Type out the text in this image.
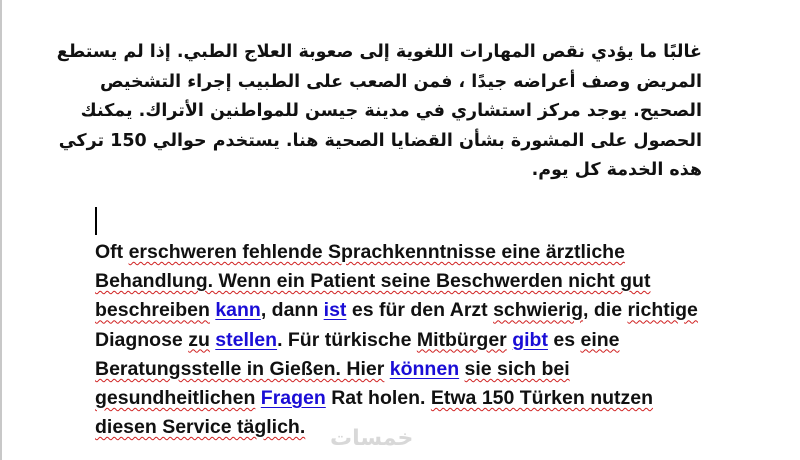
غالبًا ما يؤدي نقص المهارات اللغوية إلى صعوبة العلاج الطبي. إذا لم يستطع
المريض وصف أعراضه جيدًا ، فمن الصعب على الطبيب إجراء التشخيص
الصحيح. يوجد مركز استشاري في مدينة جيسن للمواطنين الأتراك. يمكنك
الحصول على المشورة بشأن القضايا الصحية هنا. يستخدم حوالي 150 تركي
هذه الخدمة كل يوم.
Oft erschweren fehlende Sprachkenntnisse eine ärztliche
Behandlung. Wenn ein Patient seine Beschwerden nicht gut
beschreiben kann, dann ist es für den Arzt schwierig, die richtige
Diagnose zu stellen. Für türkische Mitbürger gibt es eine
Beratungsstelle in Gießen. Hier können sie sich bei
gesundheitlichen Fragen Rat holen. Etwa 150 Türken nutzen
diesen Service täglich.	خمسات
